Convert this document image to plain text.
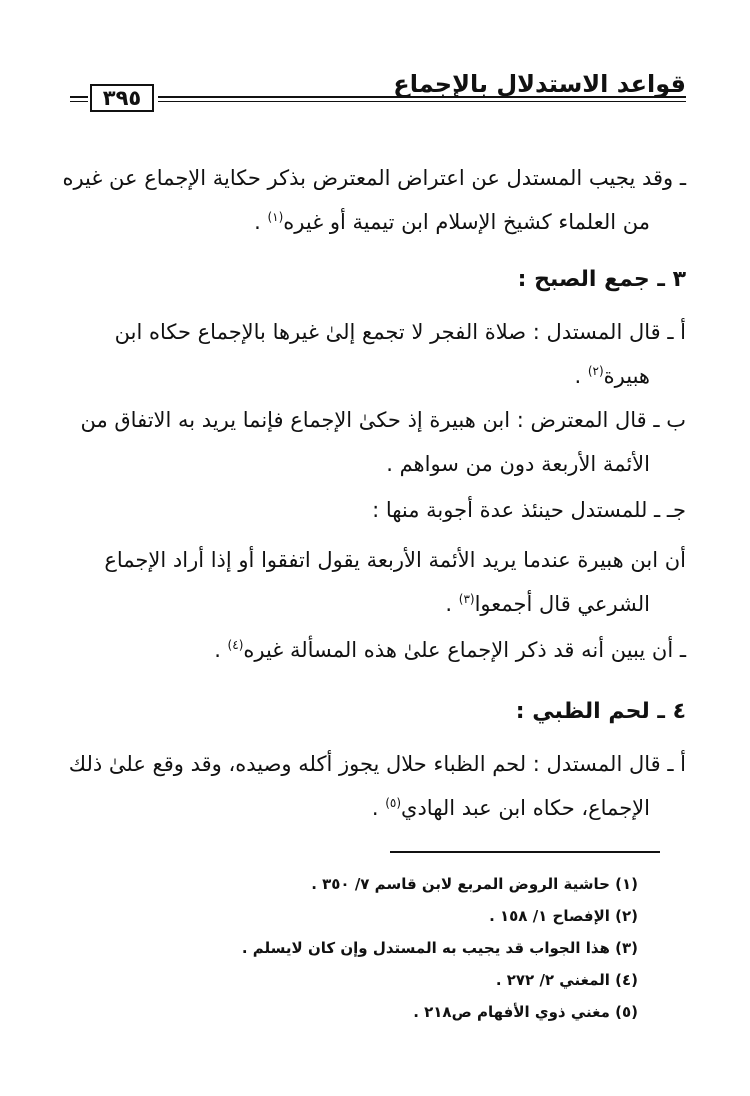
قواعد الاستدلال بالإجماع
٣٩٥
ـ وقد يجيب المستدل عن اعتراض المعترض بذكر حكاية الإجماع عن غيره
من العلماء كشيخ الإسلام ابن تيمية أو غيره$^{(١)}$ .
٣ ـ جمع الصبح :
أ ـ قال المستدل : صلاة الفجر لا تجمع إلىٰ غيرها بالإجماع حكاه ابن
هبيرة$^{(٢)}$ .
ب ـ قال المعترض : ابن هبيرة إذ حكىٰ الإجماع فإنما يريد به الاتفاق من
الأئمة الأربعة دون من سواهم .
جـ ـ للمستدل حينئذ عدة أجوبة منها :
أن ابن هبيرة عندما يريد الأئمة الأربعة يقول اتفقوا أو إذا أراد الإجماع
الشرعي قال أجمعوا$^{(٣)}$ .
ـ أن يبين أنه قد ذكر الإجماع علىٰ هذه المسألة غيره$^{(٤)}$ .
٤ ـ لحم الظبي :
أ ـ قال المستدل : لحم الظباء حلال يجوز أكله وصيده، وقد وقع علىٰ ذلك
الإجماع، حكاه ابن عبد الهادي$^{(٥)}$ .
(١) حاشية الروض المربع لابن قاسم ٧/ ٣٥٠ .
(٢) الإفصاح ١/ ١٥٨ .
(٣) هذا الجواب قد يجيب به المستدل وإن كان لايسلم .
(٤) المغني ٢/ ٢٧٢ .
(٥) مغني ذوي الأفهام ص٢١٨ .
